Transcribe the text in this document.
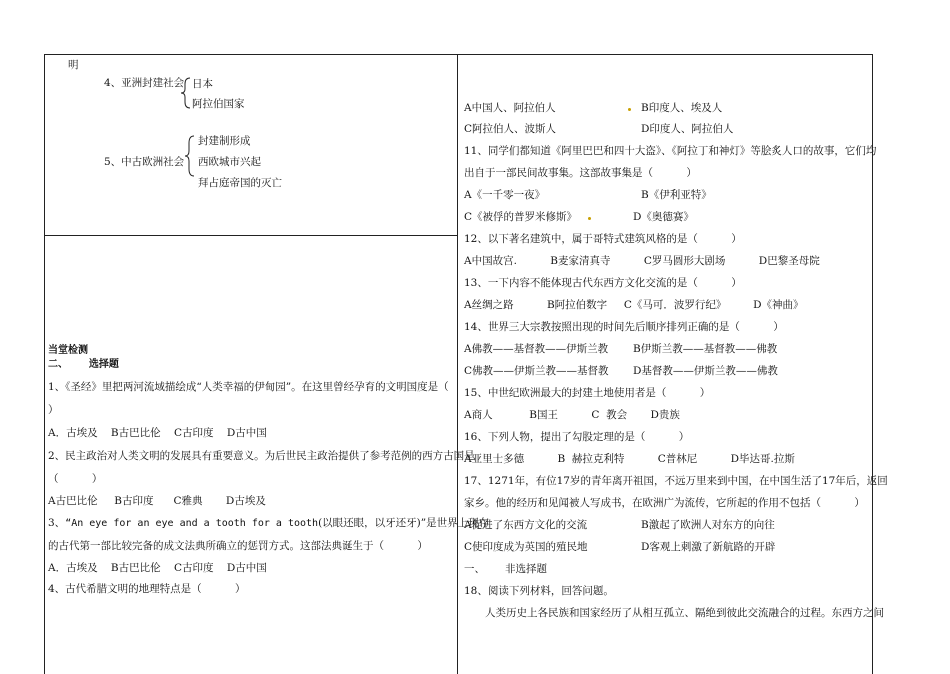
明
4、亚洲封建社会 日本
阿拉伯国家
5、中古欧洲社会
封建制形成
西欧城市兴起
拜占庭帝国的灭亡
当堂检测
二、      选择题
1、《圣经》里把两河流域描绘成“人类幸福的伊甸园”。在这里曾经孕育的文明国度是（
）
A．古埃及    B古巴比伦    C古印度    D古中国
2、民主政治对人类文明的发展具有重要意义。为后世民主政治提供了参考范例的西方古国是
（          ）
A古巴比伦     B古印度      C雅典       D古埃及
3、“An eye for an eye and a tooth for a tooth(以眼还眼，以牙还牙)”是世界上现存
的古代第一部比较完备的成文法典所确立的惩罚方式。这部法典诞生于（          ）
A．古埃及    B古巴比伦    C古印度    D古中国
4、古代希腊文明的地理特点是（          ）
A中国人、阿拉伯人	B印度人、埃及人
C阿拉伯人、波斯人	D印度人、阿拉伯人
11、同学们都知道《阿里巴巴和四十大盗》、《阿拉丁和神灯》等脍炙人口的故事，它们均
出自于一部民间故事集。这部故事集是（          ）
A《一千零一夜》	B《伊利亚特》
C《被俘的普罗米修斯》	D《奥德赛》
12、以下著名建筑中，属于哥特式建筑风格的是（          ）
A中国故宫.          B麦家清真寺          C罗马圆形大剧场          D巴黎圣母院
13、一下内容不能体现古代东西方文化交流的是（          ）
A丝绸之路          B阿拉伯数字     C《马可．波罗行纪》        D《神曲》
14、世界三大宗教按照出现的时间先后顺序排列正确的是（          ）
A佛教——基督教——伊斯兰教 B伊斯兰教——基督教——佛教
C佛教——伊斯兰教——基督教 D基督教——伊斯兰教——佛教
15、中世纪欧洲最大的封建土地使用者是（          ）
A商人           B国王          C  教会       D贵族
16、下列人物，提出了勾股定理的是（          ）
A亚里士多德          B  赫拉克利特          C普林尼          D毕达哥.拉斯
17、1271年，有位17岁的青年离开祖国，不远万里来到中国，在中国生活了17年后，返回
家乡。他的经历和见闻被人写成书，在欧洲广为流传，它所起的作用不包括（          ）
A促进了东西方文化的交流	B激起了欧洲人对东方的向往
C使印度成为英国的殖民地	D客观上刺激了新航路的开辟
一、      非选择题
18、阅读下列材料，回答问题。
人类历史上各民族和国家经历了从相互孤立、隔绝到彼此交流融合的过程。东西方之间
